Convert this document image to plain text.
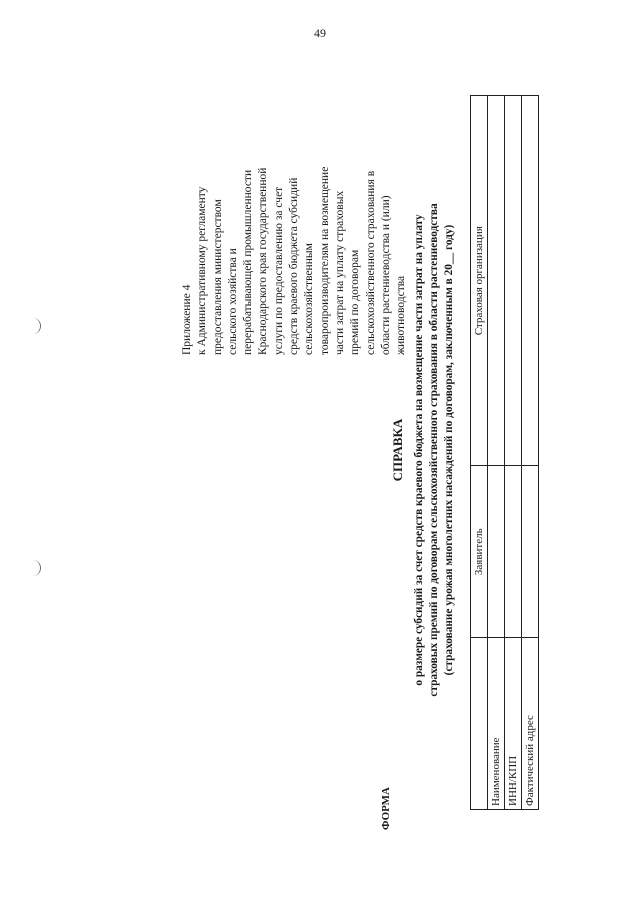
49
Приложение 4 к Административному регламенту предоставления министерством сельского хозяйства и перерабатывающей промышленности Краснодарского края государственной услуги по предоставлению за счет средств краевого бюджета субсидий сельскохозяйственным товаропроизводителям на возмещение части затрат на уплату страховых премий по договорам сельскохозяйственного страхования в области растениеводства и (или) животноводства
ФОРМА
СПРАВКА о размере субсидий за счет средств краевого бюджета на возмещение части затрат на уплату страховых премий по договорам сельскохозяйственного страхования в области растениеводства (страхование урожая многолетних насаждений по договорам, заключенным в 20__ году)
	Заявитель	Страховая организация
Наименование		
ИНН/КПП		
Фактический адрес		
